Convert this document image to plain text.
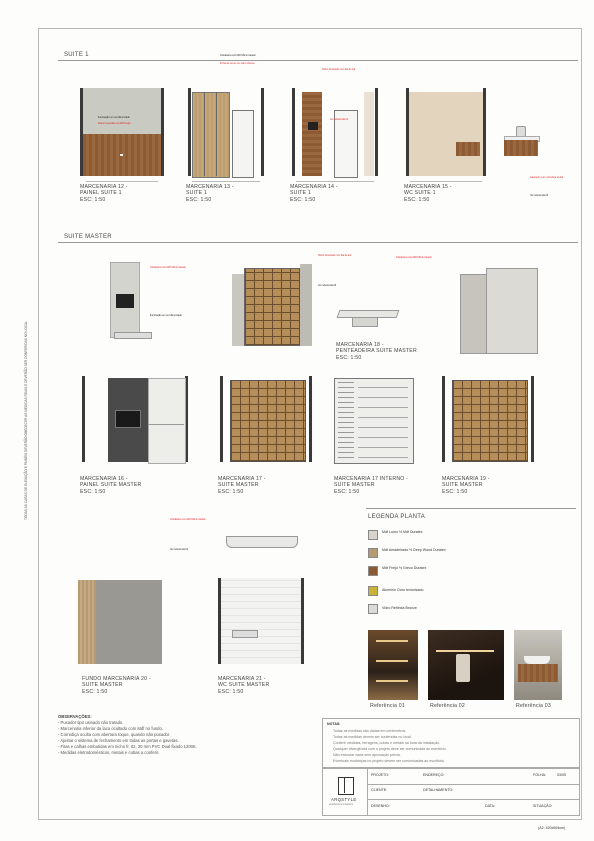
TODAS AS CARAS DE ELEVAÇÃO E PAINÉIS DEVERÃO OBEDECER AS MEDIDAS REAIS E DEVERÃO SER CONFERIDAS NO LOCAL
SUITE 1
Iluminação em led dimerizado
Painel revestido em Mdf Freijó
MARCENARIA 12 -
PAINEL SUITE 1
ESC: 1:50
Cristaleira com Mdf 18mm lacado
Porta de correr em vidro reflecta
MARCENARIA 13 -
SUITE 1
ESC: 1:50
Nicho iluminado com fita de led
Ver referência 01
MARCENARIA 14 -
SUITE 1
ESC: 1:50
Gaveteiro com corrediça oculta
Ver referência 03
MARCENARIA 15 -
WC SUITE 1
ESC: 1:50
SUITE MASTER
Cristaleira com Mdf 18mm lacado
Iluminação em led dimerizado
Nicho iluminado com fita de led
Ver referência 02
Cristaleira com Mdf 18mm lacado
MARCENARIA 18 -
PENTEADEIRA SUITE MASTER
ESC: 1:50
MARCENARIA 16 -
PAINEL SUITE MASTER
ESC: 1:50
MARCENARIA 17 -
SUITE MASTER
ESC: 1:50
MARCENARIA 17 INTERNO -
SUITE MASTER
ESC: 1:50
MARCENARIA 19 -
SUITE MASTER
ESC: 1:50
Cristaleira com Mdf 18mm lacado
Ver referência 01
LEGENDA PLANTA
Mdf Lumo ½ Mdf Duratex
Mdf Amadeirado ½ Deep Wood Duratex
Mdf Freijó ½ Greco Duratex
Alumínio Ouro texturizado
Vidro Reflecta Bronze
FUNDO MARCENARIA 20 -
SUITE MASTER
ESC: 1:50
MARCENARIA 21 -
WC SUITE MASTER
ESC: 1:50
Referência 01	Referência 02	Referência 03
OBSERVAÇÕES:
- Puxador tipo usinado não tratado.
- Marcenaria inferior da laca ocultado com Mdf no fundo.
- Corrediça oculta com abertura toque, quando não puxador.
- Ajustar o sistema de fechamento em todas as portas e gavetas.
- Fitas e calhas embutidas em nicho fr. 02, 20 mm PVC Dual fixado 1200K.
- Medidas eletrodomésticos, metais e cubas a conferir.
NOTAS:
Todas as medidas são dadas em centímetros.
Todas as medidas devem ser conferidas no local.
Conferir medidas, ferragens, cubas e metais na hora da instalação.
Qualquer divergência com o projeto deve ser comunicada ao escritório.
Não executar nada sem aprovação prévia.
Eventuais mudanças no projeto devem ser comunicadas ao escritório.
ARQSTYLE
arquitetura e interiores
PROJETO:	ENDEREÇO:	FOLHA:	03/05
CLIENTE:	DETALHAMENTO:
DESENHO:	DATA:	SITUAÇÃO:
(A2: 420x594cm)
